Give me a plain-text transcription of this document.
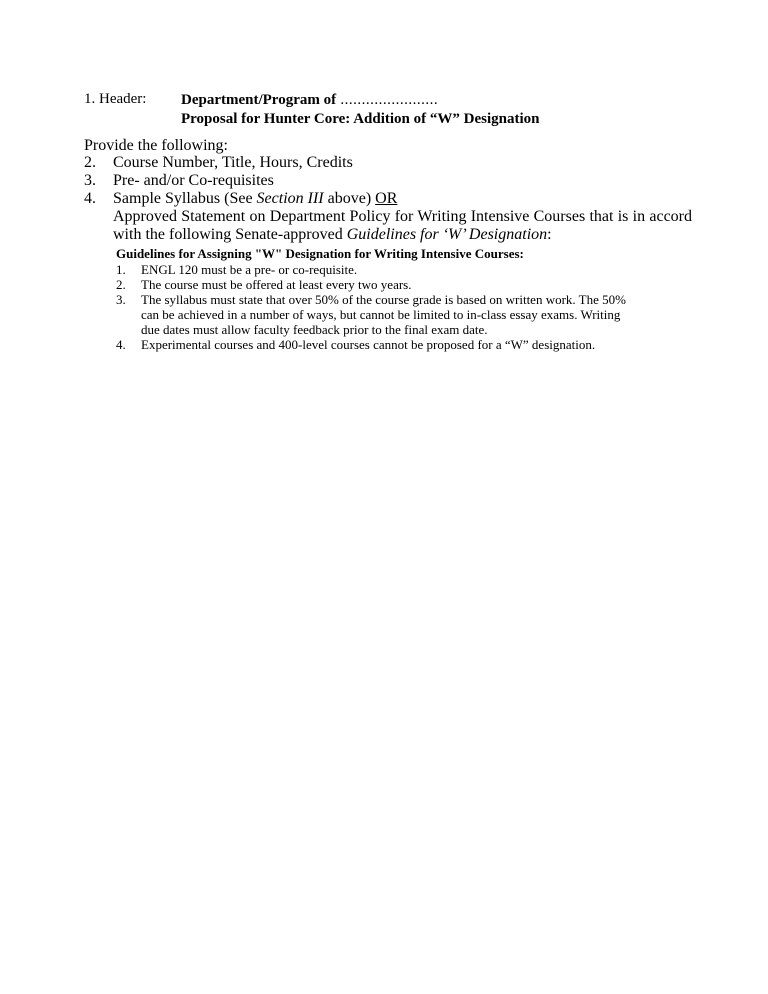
1. Header: Department/Program of .......................
Proposal for Hunter Core: Addition of “W” Designation
Provide the following:
2. Course Number, Title, Hours, Credits
3. Pre- and/or Co-requisites
4. Sample Syllabus (See Section III above) OR
Approved Statement on Department Policy for Writing Intensive Courses that is in accord with the following Senate-approved Guidelines for ‘W’ Designation:
Guidelines for Assigning "W" Designation for Writing Intensive Courses:
1. ENGL 120 must be a pre- or co-requisite.
2. The course must be offered at least every two years.
3. The syllabus must state that over 50% of the course grade is based on written work. The 50% can be achieved in a number of ways, but cannot be limited to in-class essay exams. Writing due dates must allow faculty feedback prior to the final exam date.
4. Experimental courses and 400-level courses cannot be proposed for a “W” designation.
